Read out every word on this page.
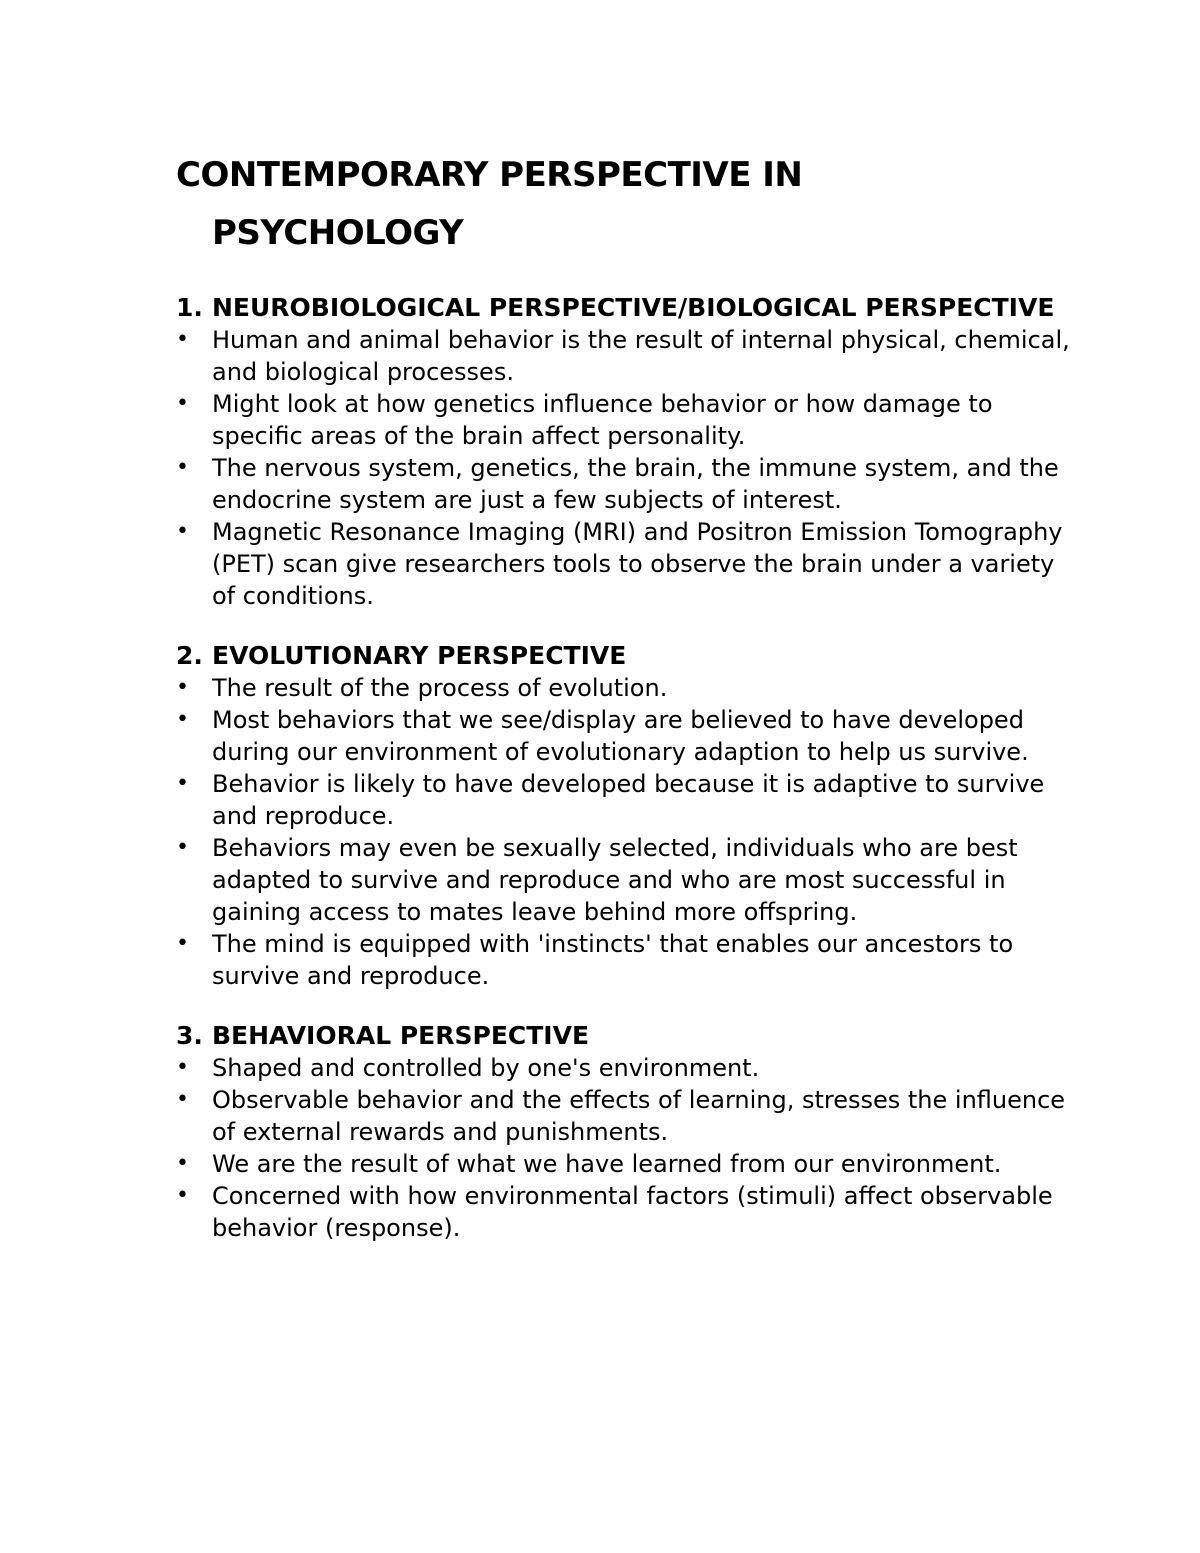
CONTEMPORARY PERSPECTIVE IN PSYCHOLOGY
1. NEUROBIOLOGICAL PERSPECTIVE/BIOLOGICAL PERSPECTIVE
• Human and animal behavior is the result of internal physical, chemical, and biological processes.
• Might look at how genetics influence behavior or how damage to specific areas of the brain affect personality.
• The nervous system, genetics, the brain, the immune system, and the endocrine system are just a few subjects of interest.
• Magnetic Resonance Imaging (MRI) and Positron Emission Tomography (PET) scan give researchers tools to observe the brain under a variety of conditions.
2. EVOLUTIONARY PERSPECTIVE
• The result of the process of evolution.
• Most behaviors that we see/display are believed to have developed during our environment of evolutionary adaption to help us survive.
• Behavior is likely to have developed because it is adaptive to survive and reproduce.
• Behaviors may even be sexually selected, individuals who are best adapted to survive and reproduce and who are most successful in gaining access to mates leave behind more offspring.
• The mind is equipped with 'instincts' that enables our ancestors to survive and reproduce.
3. BEHAVIORAL PERSPECTIVE
• Shaped and controlled by one's environment.
• Observable behavior and the effects of learning, stresses the influence of external rewards and punishments.
• We are the result of what we have learned from our environment.
• Concerned with how environmental factors (stimuli) affect observable behavior (response).
